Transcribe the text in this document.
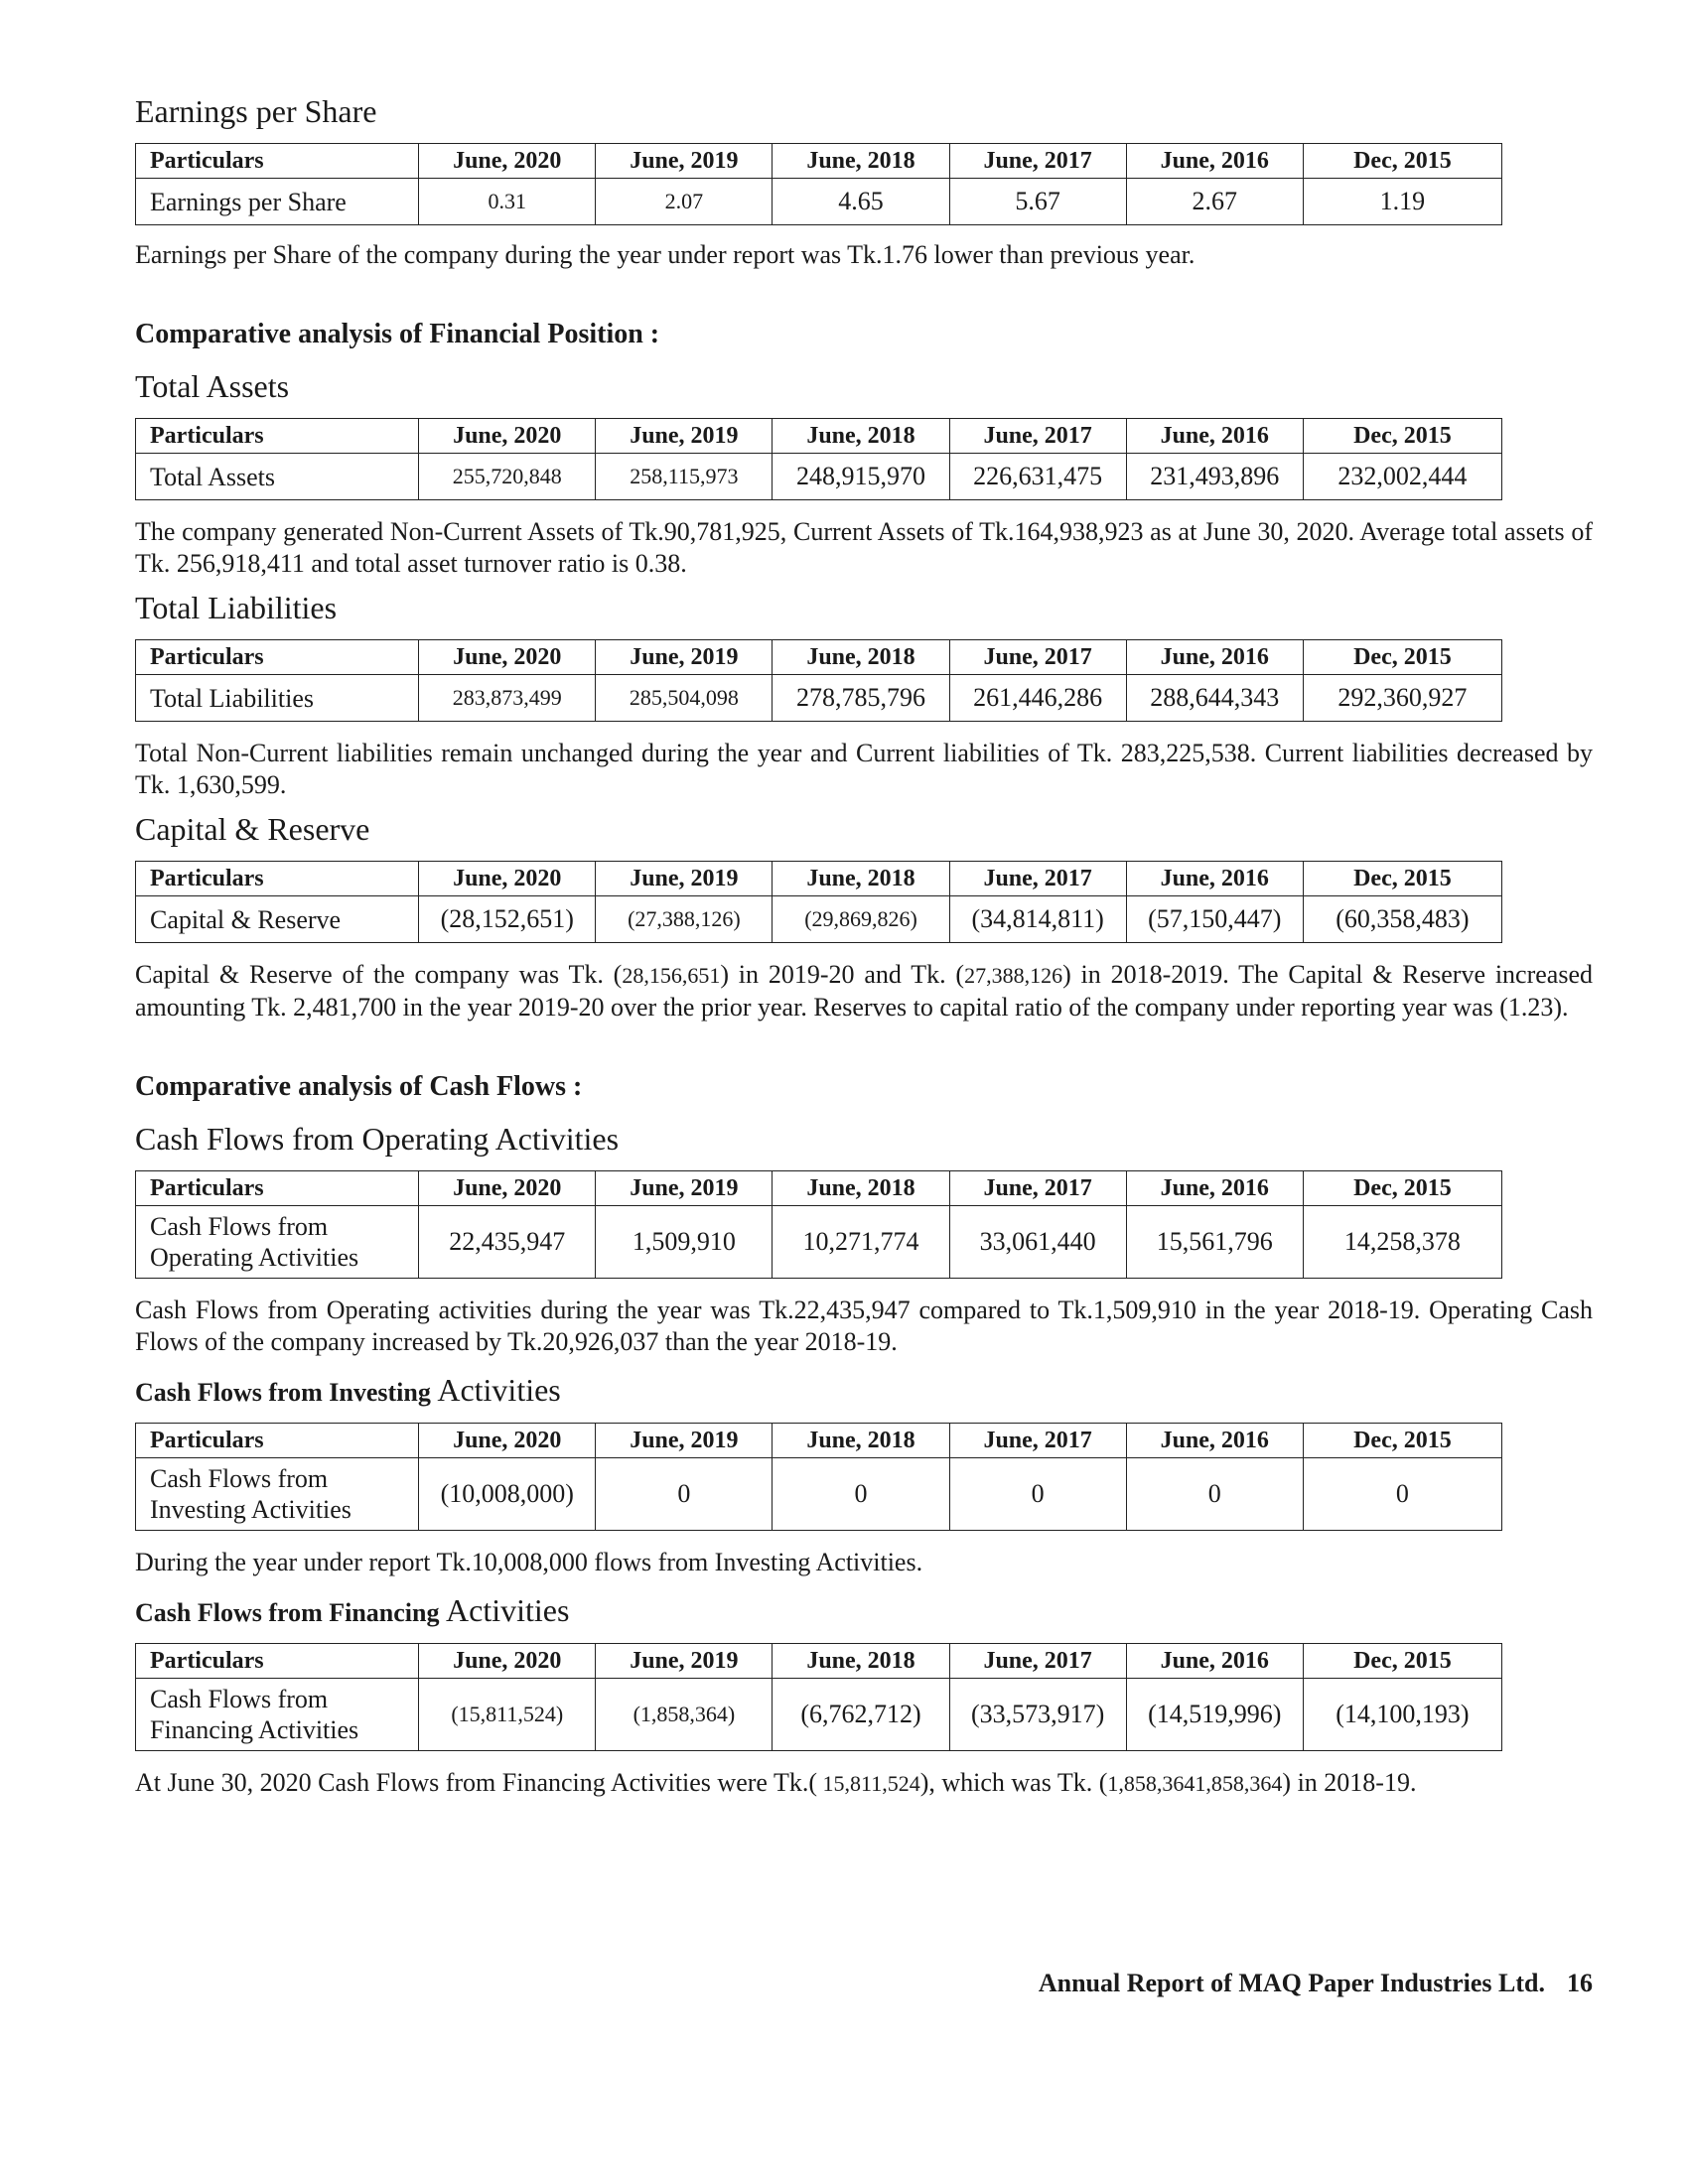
Earnings per Share
Particulars	June, 2020	June, 2019	June, 2018	June, 2017	June, 2016	Dec, 2015
Earnings per Share	0.31	2.07	4.65	5.67	2.67	1.19

Earnings per Share of the company during the year under report was Tk.1.76 lower than previous year.

Comparative analysis of Financial Position :
Total Assets
Particulars	June, 2020	June, 2019	June, 2018	June, 2017	June, 2016	Dec, 2015
Total Assets	255,720,848	258,115,973	248,915,970	226,631,475	231,493,896	232,002,444

The company generated Non-Current Assets of Tk.90,781,925, Current Assets of Tk.164,938,923 as at June 30, 2020. Average total assets of Tk. 256,918,411 and total asset turnover ratio is 0.38.

Total Liabilities
Particulars	June, 2020	June, 2019	June, 2018	June, 2017	June, 2016	Dec, 2015
Total Liabilities	283,873,499	285,504,098	278,785,796	261,446,286	288,644,343	292,360,927

Total Non-Current liabilities remain unchanged during the year and Current liabilities of Tk. 283,225,538. Current liabilities decreased by Tk. 1,630,599.

Capital & Reserve
Particulars	June, 2020	June, 2019	June, 2018	June, 2017	June, 2016	Dec, 2015
Capital & Reserve	(28,152,651)	(27,388,126)	(29,869,826)	(34,814,811)	(57,150,447)	(60,358,483)

Capital & Reserve of the company was Tk. (28,156,651) in 2019-20 and Tk. (27,388,126) in 2018-2019. The Capital & Reserve increased amounting Tk. 2,481,700 in the year 2019-20 over the prior year. Reserves to capital ratio of the company under reporting year was (1.23).

Comparative analysis of Cash Flows :
Cash Flows from Operating Activities
Particulars	June, 2020	June, 2019	June, 2018	June, 2017	June, 2016	Dec, 2015
Cash Flows from
Operating Activities	22,435,947	1,509,910	10,271,774	33,061,440	15,561,796	14,258,378

Cash Flows from Operating activities during the year was Tk.22,435,947 compared to Tk.1,509,910 in the year 2018-19. Operating Cash Flows of the company increased by Tk.20,926,037 than the year 2018-19.

Cash Flows from Investing Activities
Particulars	June, 2020	June, 2019	June, 2018	June, 2017	June, 2016	Dec, 2015
Cash Flows from
Investing Activities	(10,008,000)	0	0	0	0	0

During the year under report Tk.10,008,000 flows from Investing Activities.

Cash Flows from Financing Activities
Particulars	June, 2020	June, 2019	June, 2018	June, 2017	June, 2016	Dec, 2015
Cash Flows from
Financing Activities	(15,811,524)	(1,858,364)	(6,762,712)	(33,573,917)	(14,519,996)	(14,100,193)

At June 30, 2020 Cash Flows from Financing Activities were Tk.( 15,811,524), which was Tk. (1,858,3641,858,364) in 2018-19.

Annual Report of MAQ Paper Industries Ltd. 16
